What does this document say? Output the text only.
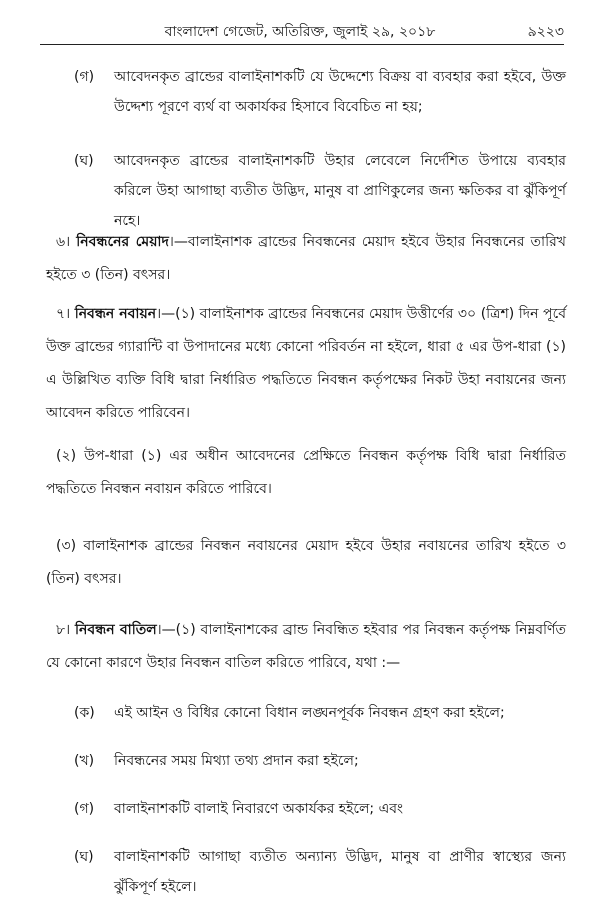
বাংলাদেশ গেজেট, অতিরিক্ত, জুলাই ২৯, ২০১৮	৯২২৩
(গ) আবেদনকৃত ব্রান্ডের বালাইনাশকটি যে উদ্দেশ্যে বিক্রয় বা ব্যবহার করা হইবে, উক্ত উদ্দেশ্য পূরণে ব্যর্থ বা অকার্যকর হিসাবে বিবেচিত না হয়;
(ঘ) আবেদনকৃত ব্রান্ডের বালাইনাশকটি উহার লেবেলে নির্দেশিত উপায়ে ব্যবহার করিলে উহা আগাছা ব্যতীত উদ্ভিদ, মানুষ বা প্রাণিকুলের জন্য ক্ষতিকর বা ঝুঁকিপূর্ণ নহে।
৬। নিবন্ধনের মেয়াদ।—বালাইনাশক ব্রান্ডের নিবন্ধনের মেয়াদ হইবে উহার নিবন্ধনের তারিখ হইতে ৩ (তিন) বৎসর।
৭। নিবন্ধন নবায়ন।—(১) বালাইনাশক ব্রান্ডের নিবন্ধনের মেয়াদ উত্তীর্ণের ৩০ (ত্রিশ) দিন পূর্বে উক্ত ব্রান্ডের গ্যারান্টি বা উপাদানের মধ্যে কোনো পরিবর্তন না হইলে, ধারা ৫ এর উপ-ধারা (১) এ উল্লিখিত ব্যক্তি বিধি দ্বারা নির্ধারিত পদ্ধতিতে নিবন্ধন কর্তৃপক্ষের নিকট উহা নবায়নের জন্য আবেদন করিতে পারিবেন।
(২) উপ-ধারা (১) এর অধীন আবেদনের প্রেক্ষিতে নিবন্ধন কর্তৃপক্ষ বিধি দ্বারা নির্ধারিত পদ্ধতিতে নিবন্ধন নবায়ন করিতে পারিবে।
(৩) বালাইনাশক ব্রান্ডের নিবন্ধন নবায়নের মেয়াদ হইবে উহার নবায়নের তারিখ হইতে ৩ (তিন) বৎসর।
৮। নিবন্ধন বাতিল।—(১) বালাইনাশকের ব্রান্ড নিবন্ধিত হইবার পর নিবন্ধন কর্তৃপক্ষ নিম্নবর্ণিত যে কোনো কারণে উহার নিবন্ধন বাতিল করিতে পারিবে, যথা :—
(ক) এই আইন ও বিধির কোনো বিধান লঙ্ঘনপূর্বক নিবন্ধন গ্রহণ করা হইলে;
(খ) নিবন্ধনের সময় মিথ্যা তথ্য প্রদান করা হইলে;
(গ) বালাইনাশকটি বালাই নিবারণে অকার্যকর হইলে; এবং
(ঘ) বালাইনাশকটি আগাছা ব্যতীত অন্যান্য উদ্ভিদ, মানুষ বা প্রাণীর স্বাস্থ্যের জন্য ঝুঁকিপূর্ণ হইলে।
